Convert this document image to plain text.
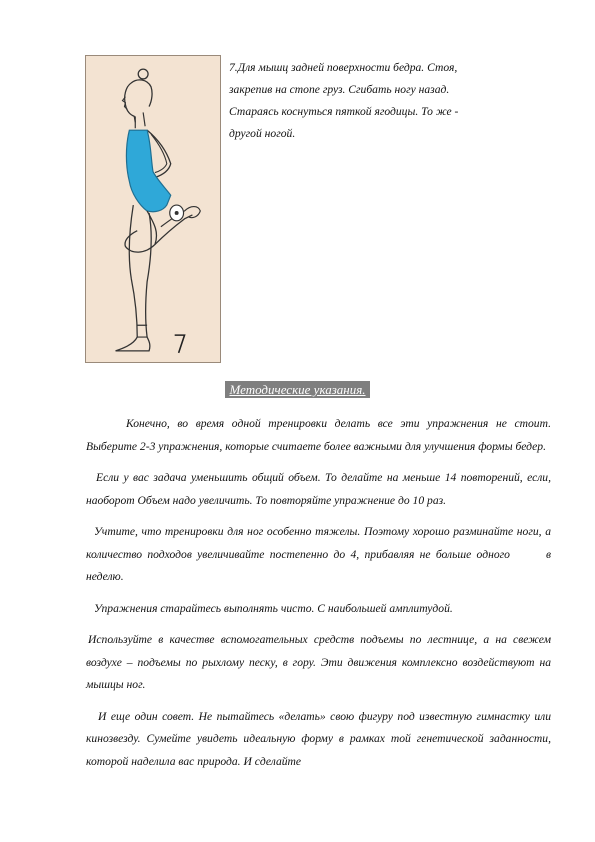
7.Для мышц задней поверхности бедра. Стоя,

закрепив на стопе груз. Сгибать ногу назад.

Стараясь коснуться пяткой ягодицы. То же -

другой ногой.

Методические указания.

Конечно, во время одной тренировки делать все эти упражнения не стоит. Выберите 2-3 упражнения, которые считаете более важными для улучшения формы бедер.

Если у вас задача уменьшить общий объем. То делайте на меньше 14 повторений, если, наоборот Объем надо увеличить. То повторяйте упражнение до 10 раз.

Учтите, что тренировки для ног особенно тяжелы. Поэтому хорошо разминайте ноги, а количество подходов увеличивайте постепенно до 4, прибавляя не больше одного	в неделю.

Упражнения старайтесь выполнять чисто. С наибольшей амплитудой.

Используйте в качестве вспомогательных средств подъемы по лестнице, а на свежем воздухе – подъемы по рыхлому песку, в гору. Эти движения комплексно воздействуют на мышцы ног.

И еще один совет. Не пытайтесь «делать» свою фигуру под известную гимнастку или кинозвезду. Сумейте увидеть идеальную форму в рамках той генетической заданности, которой наделила вас природа. И сделайте
